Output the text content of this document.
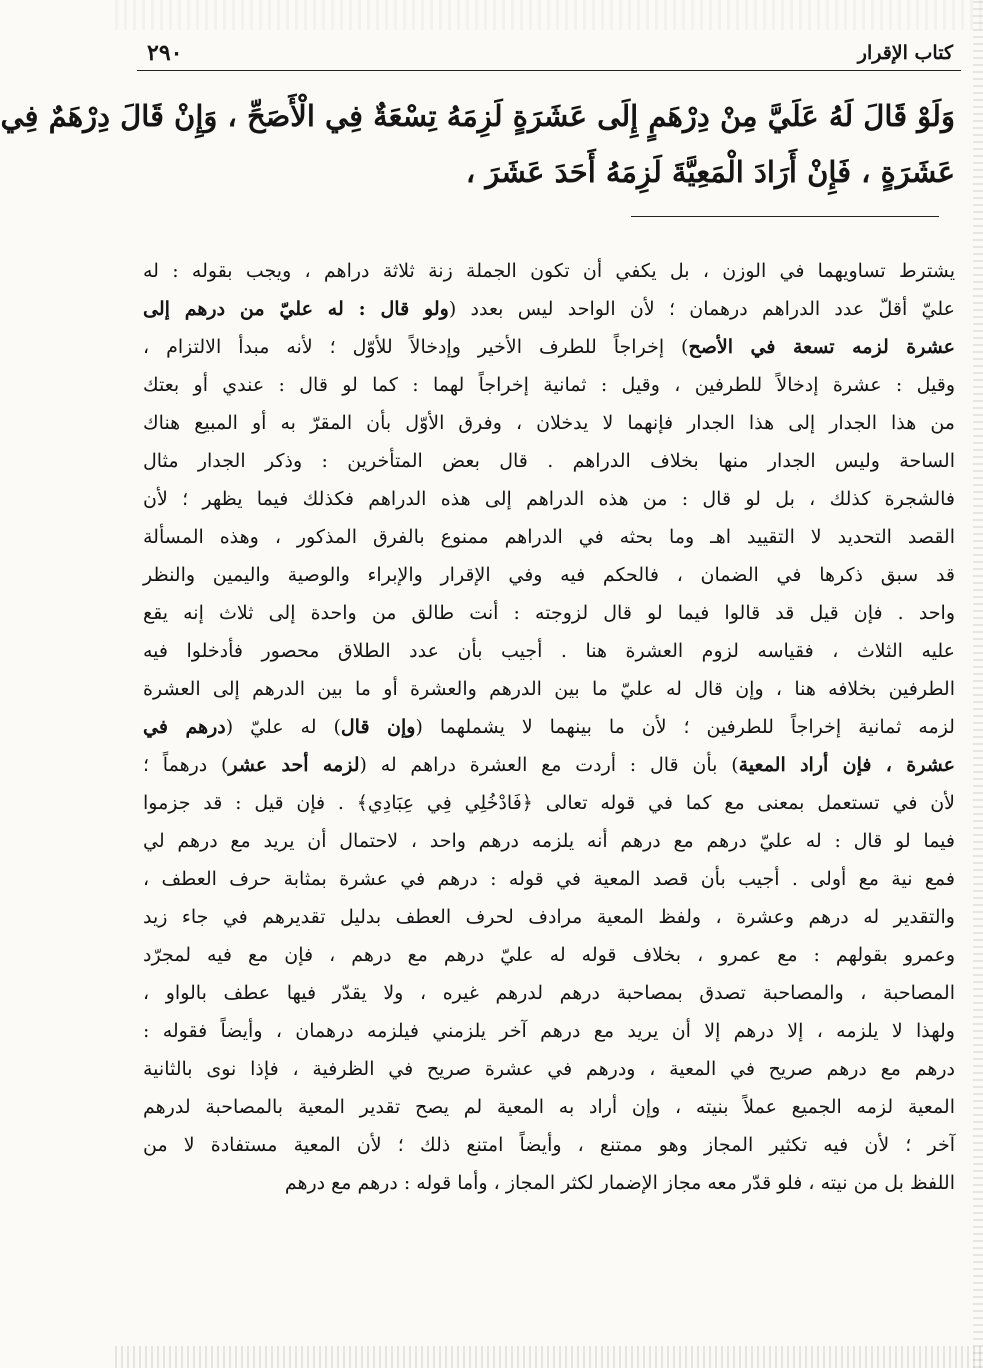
كتاب الإقرار
٢٩٠
وَلَوْ قَالَ لَهُ عَلَيَّ مِنْ دِرْهَمٍ إِلَى عَشَرَةٍ لَزِمَهُ تِسْعَةٌ فِي الْأَصَحِّ ، وَإِنْ قَالَ دِرْهَمٌ فِي
عَشَرَةٍ ، فَإِنْ أَرَادَ الْمَعِيَّةَ لَزِمَهُ أَحَدَ عَشَرَ ،
يشترط تساويهما في الوزن ، بل يكفي أن تكون الجملة زنة ثلاثة دراهم ، ويجب بقوله : له
عليّ أقلّ عدد الدراهم درهمان ؛ لأن الواحد ليس بعدد (ولو قال : له عليّ من درهم إلى
عشرة لزمه تسعة في الأصح) إخراجاً للطرف الأخير وإدخالاً للأوّل ؛ لأنه مبدأ الالتزام ،
وقيل : عشرة إدخالاً للطرفين ، وقيل : ثمانية إخراجاً لهما : كما لو قال : عندي أو بعتك
من هذا الجدار إلى هذا الجدار فإنهما لا يدخلان ، وفرق الأوّل بأن المقرّ به أو المبيع هناك
الساحة وليس الجدار منها بخلاف الدراهم . قال بعض المتأخرين : وذكر الجدار مثال
فالشجرة كذلك ، بل لو قال : من هذه الدراهم إلى هذه الدراهم فكذلك فيما يظهر ؛ لأن
القصد التحديد لا التقييد اهـ وما بحثه في الدراهم ممنوع بالفرق المذكور ، وهذه المسألة
قد سبق ذكرها في الضمان ، فالحكم فيه وفي الإقرار والإبراء والوصية واليمين والنظر
واحد . فإن قيل قد قالوا فيما لو قال لزوجته : أنت طالق من واحدة إلى ثلاث إنه يقع
عليه الثلاث ، فقياسه لزوم العشرة هنا . أجيب بأن عدد الطلاق محصور فأدخلوا فيه
الطرفين بخلافه هنا ، وإن قال له عليّ ما بين الدرهم والعشرة أو ما بين الدرهم إلى العشرة
لزمه ثمانية إخراجاً للطرفين ؛ لأن ما بينهما لا يشملهما (وإن قال) له عليّ (درهم في
عشرة ، فإن أراد المعية) بأن قال : أردت مع العشرة دراهم له (لزمه أحد عشر) درهماً ؛
لأن في تستعمل بمعنى مع كما في قوله تعالى ﴿فَادْخُلِي فِي عِبَادِي﴾ . فإن قيل : قد جزموا
فيما لو قال : له عليّ درهم مع درهم أنه يلزمه درهم واحد ، لاحتمال أن يريد مع درهم لي
فمع نية مع أولى . أجيب بأن قصد المعية في قوله : درهم في عشرة بمثابة حرف العطف ،
والتقدير له درهم وعشرة ، ولفظ المعية مرادف لحرف العطف بدليل تقديرهم في جاء زيد
وعمرو بقولهم : مع عمرو ، بخلاف قوله له عليّ درهم مع درهم ، فإن مع فيه لمجرّد
المصاحبة ، والمصاحبة تصدق بمصاحبة درهم لدرهم غيره ، ولا يقدّر فيها عطف بالواو ،
ولهذا لا يلزمه ، إلا درهم إلا أن يريد مع درهم آخر يلزمني فيلزمه درهمان ، وأيضاً فقوله :
درهم مع درهم صريح في المعية ، ودرهم في عشرة صريح في الظرفية ، فإذا نوى بالثانية
المعية لزمه الجميع عملاً بنيته ، وإن أراد به المعية لم يصح تقدير المعية بالمصاحبة لدرهم
آخر ؛ لأن فيه تكثير المجاز وهو ممتنع ، وأيضاً امتنع ذلك ؛ لأن المعية مستفادة لا من
اللفظ بل من نيته ، فلو قدّر معه مجاز الإضمار لكثر المجاز ، وأما قوله : درهم مع درهم
